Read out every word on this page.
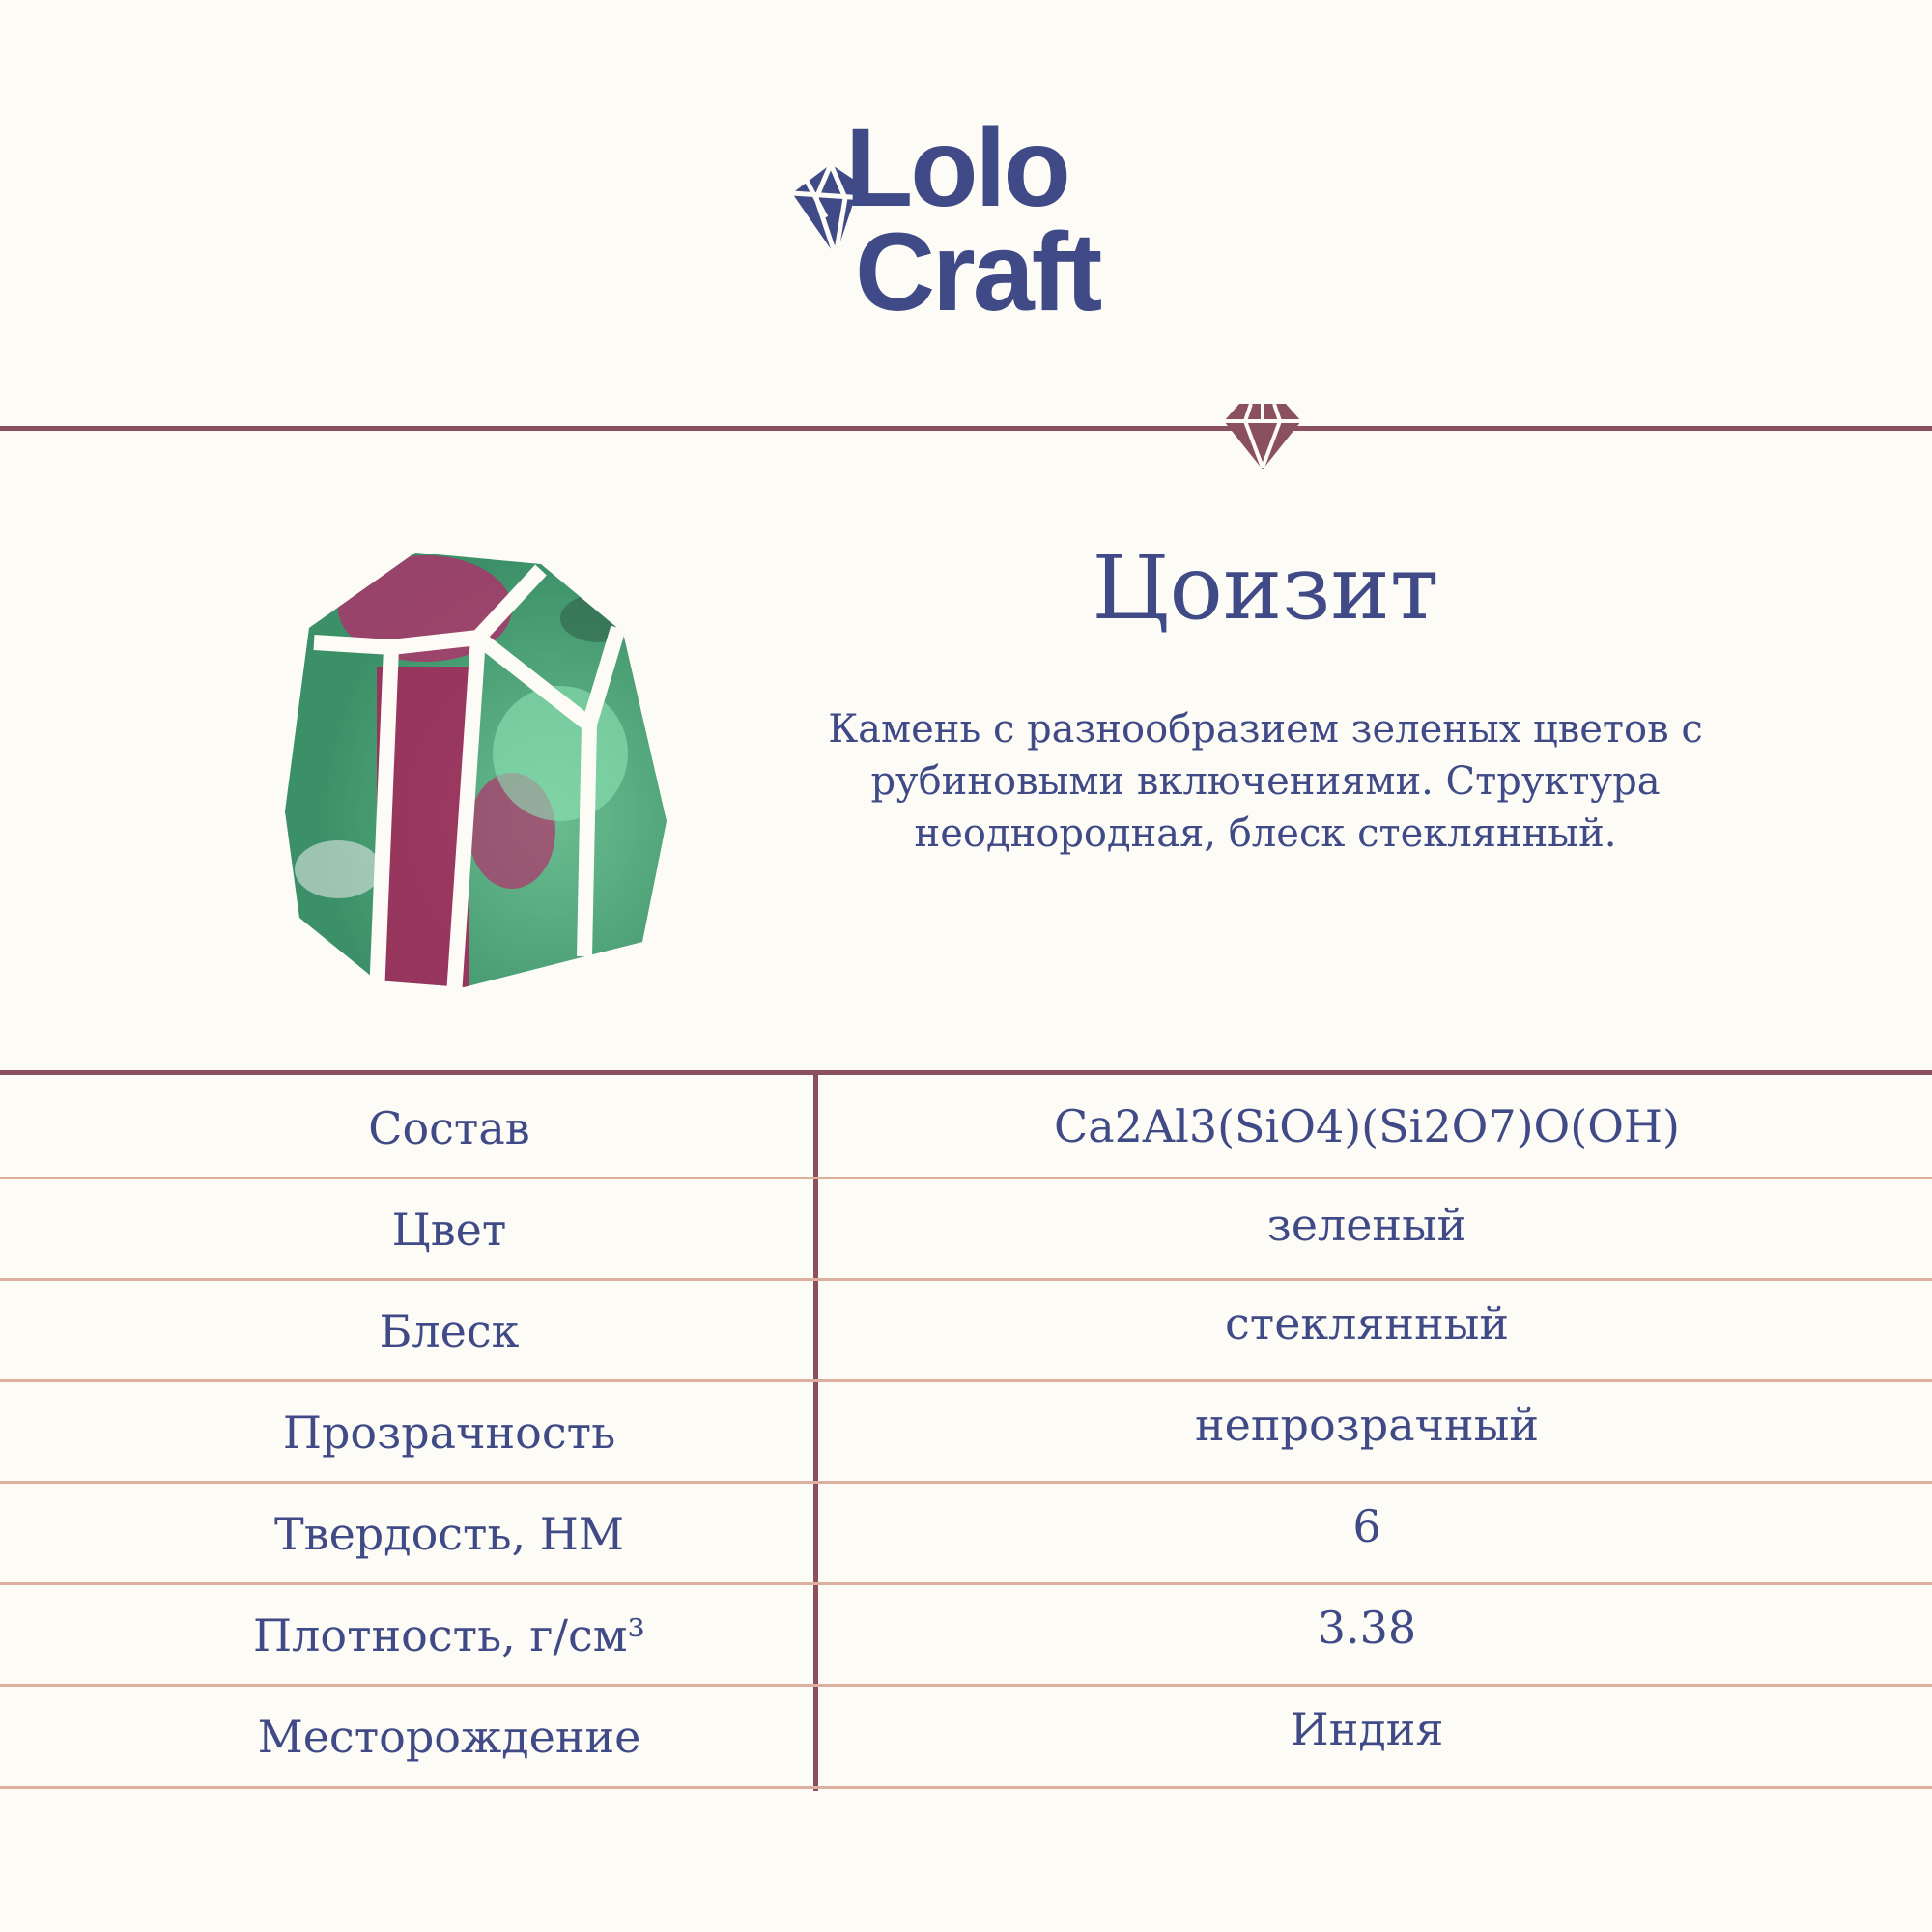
Lolo
Craft
Цоизит
Камень с разнообразием зеленых цветов с рубиновыми включениями. Структура неоднородная, блеск стеклянный.
Состав	Ca2Al3(SiO4)(Si2O7)O(OH)
Цвет	зеленый
Блеск	стеклянный
Прозрачность	непрозрачный
Твердость, НМ	6
Плотность, г/см³	3.38
Месторождение	Индия
